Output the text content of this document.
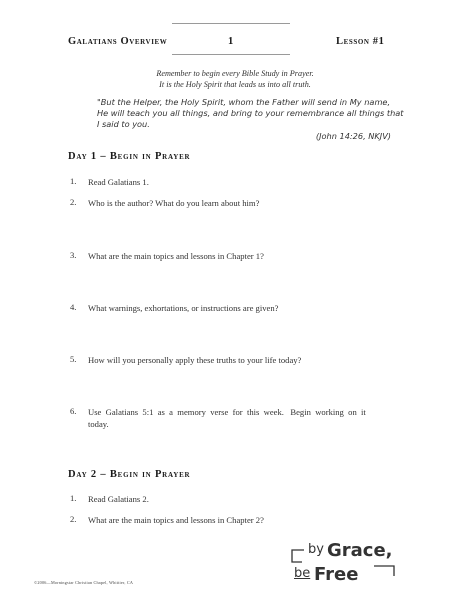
Galatians Overview	1	Lesson #1
Remember to begin every Bible Study in Prayer.
It is the Holy Spirit that leads us into all truth.
"But the Helper, the Holy Spirit, whom the Father will send in My name,
He will teach you all things, and bring to your remembrance all things that
I said to you.
(John 14:26, NKJV)
Day 1 – Begin in Prayer
1.	Read Galatians 1.
2.	Who is the author? What do you learn about him?
3.	What are the main topics and lessons in Chapter 1?
4.	What warnings, exhortations, or instructions are given?
5.	How will you personally apply these truths to your life today?
6.	Use  Galatians  5:1  as  a  memory  verse  for  this  week.   Begin  working  on  it
today.
Day 2 – Begin in Prayer
1.	Read Galatians 2.
2.	What are the main topics and lessons in Chapter 2?
©2006—Morningstar Christian Chapel, Whittier, CA
by Grace,
be Free
